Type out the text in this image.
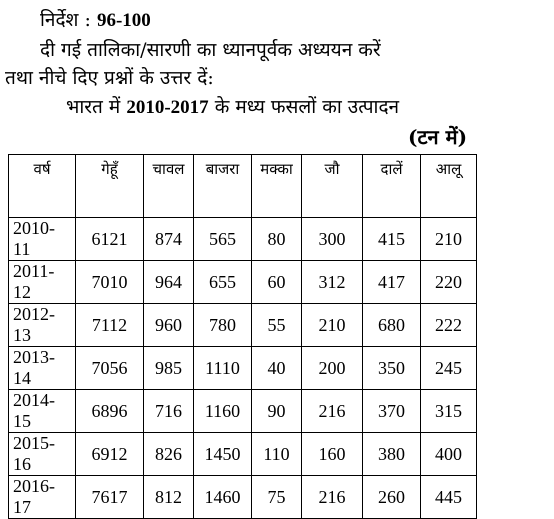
निर्देश : 96-100
दी गई तालिका/सारणी का ध्यानपूर्वक अध्ययन करें
तथा नीचे दिए प्रश्नों के उत्तर दें:
भारत में 2010-2017 के मध्य फसलों का उत्पादन
(टन में)
वर्ष	गेहूँ	चावल	बाजरा	मक्का	जौ	दालें	आलू
2010-11	6121	874	565	80	300	415	210
2011-12	7010	964	655	60	312	417	220
2012-13	7112	960	780	55	210	680	222
2013-14	7056	985	1110	40	200	350	245
2014-15	6896	716	1160	90	216	370	315
2015-16	6912	826	1450	110	160	380	400
2016-17	7617	812	1460	75	216	260	445
